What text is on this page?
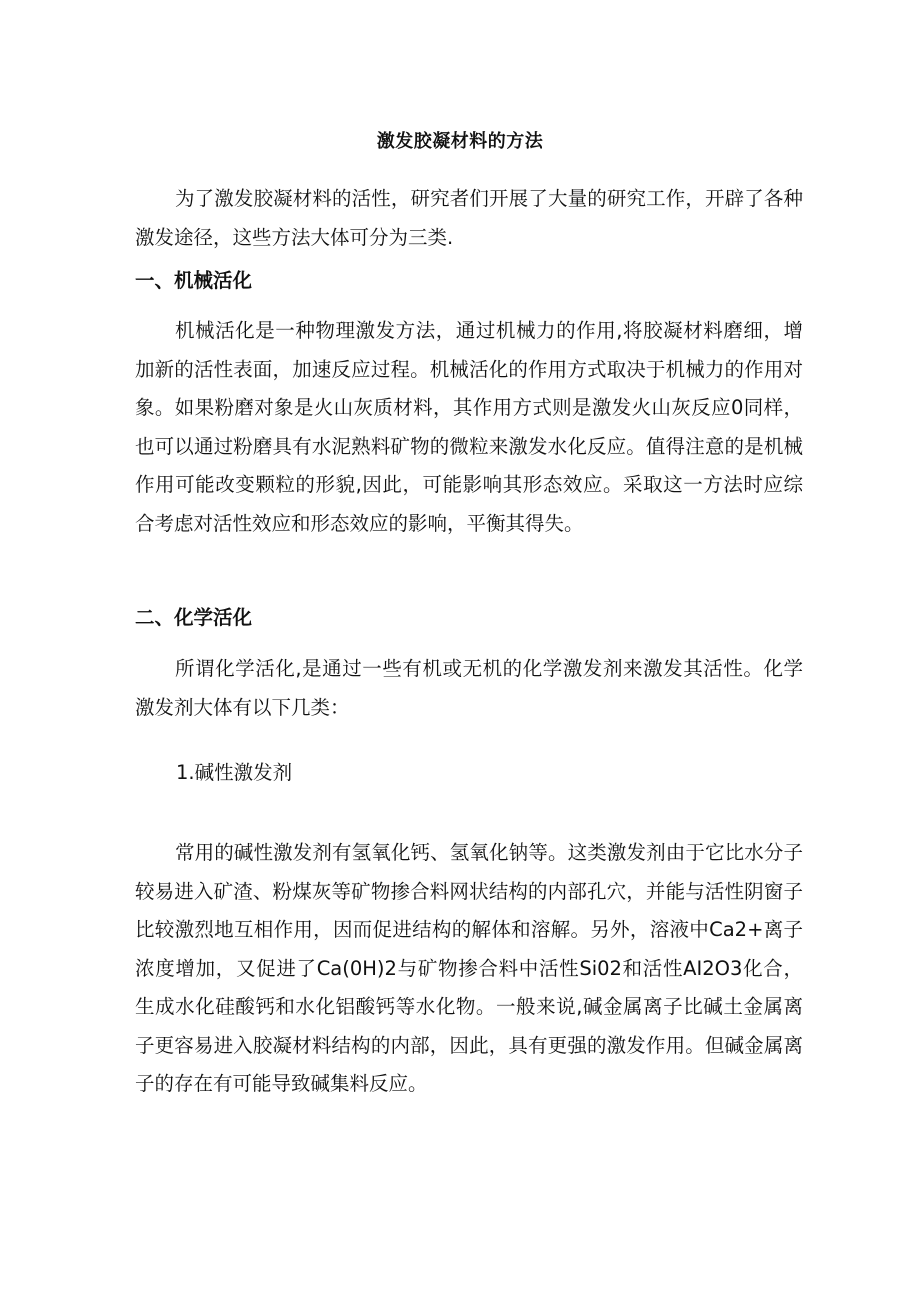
激发胶凝材料的方法

为了激发胶凝材料的活性，研究者们开展了大量的研究工作，开辟了各种激发途径，这些方法大体可分为三类.

一、机械活化

机械活化是一种物理激发方法，通过机械力的作用,将胶凝材料磨细，增加新的活性表面，加速反应过程。机械活化的作用方式取决于机械力的作用对象。如果粉磨对象是火山灰质材料，其作用方式则是激发火山灰反应0同样，也可以通过粉磨具有水泥熟料矿物的微粒来激发水化反应。值得注意的是机械作用可能改变颗粒的形貌,因此，可能影响其形态效应。采取这一方法时应综合考虑对活性效应和形态效应的影响，平衡其得失。

二、化学活化

所谓化学活化,是通过一些有机或无机的化学激发剂来激发其活性。化学激发剂大体有以下几类：

1.碱性激发剂

常用的碱性激发剂有氢氧化钙、氢氧化钠等。这类激发剂由于它比水分子较易进入矿渣、粉煤灰等矿物掺合料网状结构的内部孔穴，并能与活性阴窗子比较激烈地互相作用，因而促进结构的解体和溶解。另外，溶液中Ca2+离子浓度增加，又促进了Ca(0H)2与矿物掺合料中活性Si02和活性AI2O3化合，生成水化硅酸钙和水化铝酸钙等水化物。一般来说,碱金属离子比碱土金属离子更容易进入胶凝材料结构的内部，因此，具有更强的激发作用。但碱金属离子的存在有可能导致碱集料反应。
